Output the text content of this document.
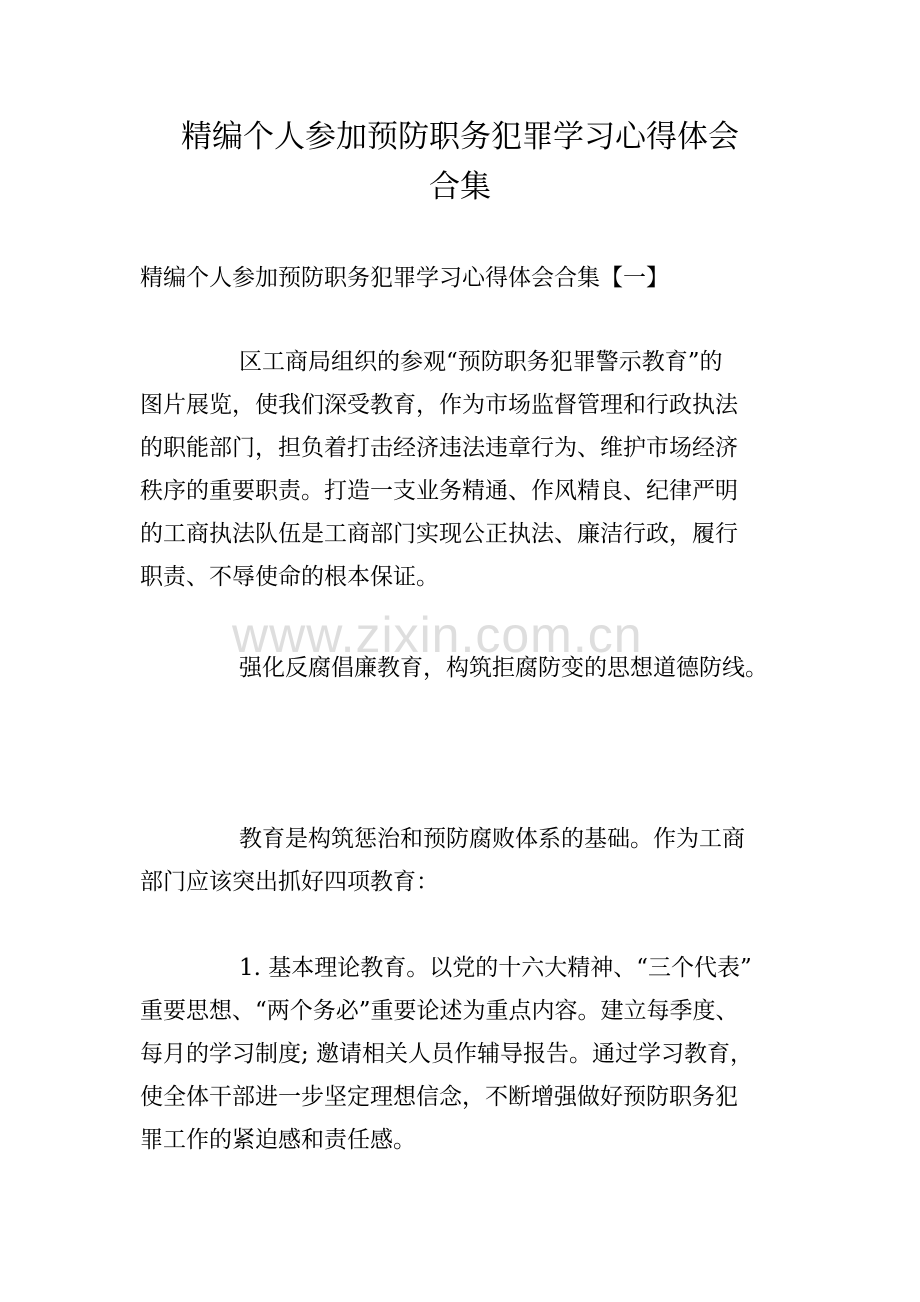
精编个人参加预防职务犯罪学习心得体会
合集

精编个人参加预防职务犯罪学习心得体会合集【一】

www.zixin.com.cn

区工商局组织的参观“预防职务犯罪警示教育”的
图片展览，使我们深受教育，作为市场监督管理和行政执法
的职能部门，担负着打击经济违法违章行为、维护市场经济
秩序的重要职责。打造一支业务精通、作风精良、纪律严明
的工商执法队伍是工商部门实现公正执法、廉洁行政，履行
职责、不辱使命的根本保证。

强化反腐倡廉教育，构筑拒腐防变的思想道德防线。

教育是构筑惩治和预防腐败体系的基础。作为工商
部门应该突出抓好四项教育：

1. 基本理论教育。以党的十六大精神、“三个代表”
重要思想、“两个务必”重要论述为重点内容。建立每季度、
每月的学习制度; 邀请相关人员作辅导报告。通过学习教育，
使全体干部进一步坚定理想信念，不断增强做好预防职务犯
罪工作的紧迫感和责任感。
